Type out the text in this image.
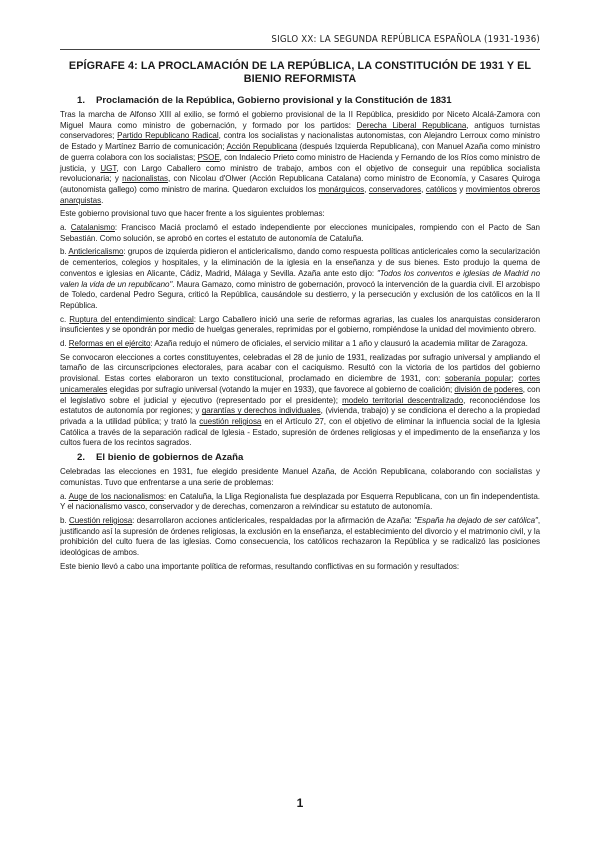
SIGLO XX: LA SEGUNDA REPÚBLICA ESPAÑOLA (1931-1936)
EPÍGRAFE 4: LA PROCLAMACIÓN DE LA REPÚBLICA, LA CONSTITUCIÓN DE 1931 Y EL BIENIO REFORMISTA
1. Proclamación de la República, Gobierno provisional y la Constitución de 1831

Tras la marcha de Alfonso XIII al exilio, se formó el gobierno provisional de la II República, presidido por Niceto Alcalá-Zamora con Miguel Maura como ministro de gobernación, y formado por los partidos: Derecha Liberal Republicana, antiguos turnistas conservadores; Partido Republicano Radical, contra los socialistas y nacionalistas autonomistas, con Alejandro Lerroux como ministro de Estado y Martínez Barrio de comunicación; Acción Republicana (después Izquierda Republicana), con Manuel Azaña como ministro de guerra colabora con los socialistas; PSOE, con Indalecio Prieto como ministro de Hacienda y Fernando de los Ríos como ministro de justicia, y UGT, con Largo Caballero como ministro de trabajo, ambos con el objetivo de conseguir una república socialista revolucionaria; y nacionalistas, con Nicolau d'Olwer (Acción Republicana Catalana) como ministro de Economía, y Casares Quiroga (autonomista gallego) como ministro de marina. Quedaron excluidos los monárquicos, conservadores, católicos y movimientos obreros anarquistas.

Este gobierno provisional tuvo que hacer frente a los siguientes problemas:

a. Catalanismo: Francisco Maciá proclamó el estado independiente por elecciones municipales, rompiendo con el Pacto de San Sebastián. Como solución, se aprobó en cortes el estatuto de autonomía de Cataluña.

b. Anticlericalismo: grupos de izquierda pidieron el anticlericalismo, dando como respuesta políticas anticlericales como la secularización de cementerios, colegios y hospitales, y la eliminación de la iglesia en la enseñanza y de sus bienes. Esto produjo la quema de conventos e iglesias en Alicante, Cádiz, Madrid, Málaga y Sevilla. Azaña ante esto dijo: "Todos los conventos e iglesias de Madrid no valen la vida de un republicano". Maura Gamazo, como ministro de gobernación, provocó la intervención de la guardia civil. El arzobispo de Toledo, cardenal Pedro Segura, criticó la República, causándole su destierro, y la persecución y exclusión de los católicos en la II República.

c. Ruptura del entendimiento sindical: Largo Caballero inició una serie de reformas agrarias, las cuales los anarquistas consideraron insuficientes y se opondrán por medio de huelgas generales, reprimidas por el gobierno, rompiéndose la unidad del movimiento obrero.

d. Reformas en el ejército: Azaña redujo el número de oficiales, el servicio militar a 1 año y clausuró la academia militar de Zaragoza.

Se convocaron elecciones a cortes constituyentes, celebradas el 28 de junio de 1931, realizadas por sufragio universal y ampliando el tamaño de las circunscripciones electorales, para acabar con el caciquismo. Resultó con la victoria de los partidos del gobierno provisional. Estas cortes elaboraron un texto constitucional, proclamado en diciembre de 1931, con: soberanía popular; cortes unicamerales elegidas por sufragio universal (votando la mujer en 1933), que favorece al gobierno de coalición; división de poderes, con el legislativo sobre el judicial y ejecutivo (representado por el presidente); modelo territorial descentralizado, reconociéndose los estatutos de autonomía por regiones; y garantías y derechos individuales, (vivienda, trabajo) y se condiciona el derecho a la propiedad privada a la utilidad pública; y trató la cuestión religiosa en el Artículo 27, con el objetivo de eliminar la influencia social de la Iglesia Católica a través de la separación radical de Iglesia - Estado, supresión de órdenes religiosas y el impedimento de la enseñanza y los cultos fuera de los recintos sagrados.

2. El bienio de gobiernos de Azaña

Celebradas las elecciones en 1931, fue elegido presidente Manuel Azaña, de Acción Republicana, colaborando con socialistas y comunistas. Tuvo que enfrentarse a una serie de problemas:

a. Auge de los nacionalismos: en Cataluña, la Lliga Regionalista fue desplazada por Esquerra Republicana, con un fin independentista. Y el nacionalismo vasco, conservador y de derechas, comenzaron a reivindicar su estatuto de autonomía.

b. Cuestión religiosa: desarrollaron acciones anticlericales, respaldadas por la afirmación de Azaña: "España ha dejado de ser católica", justificando así la supresión de órdenes religiosas, la exclusión en la enseñanza, el establecimiento del divorcio y el matrimonio civil, y la prohibición del culto fuera de las iglesias. Como consecuencia, los católicos rechazaron la República y se radicalizó las posiciones ideológicas de ambos.

Este bienio llevó a cabo una importante política de reformas, resultando conflictivas en su formación y resultados:

1
